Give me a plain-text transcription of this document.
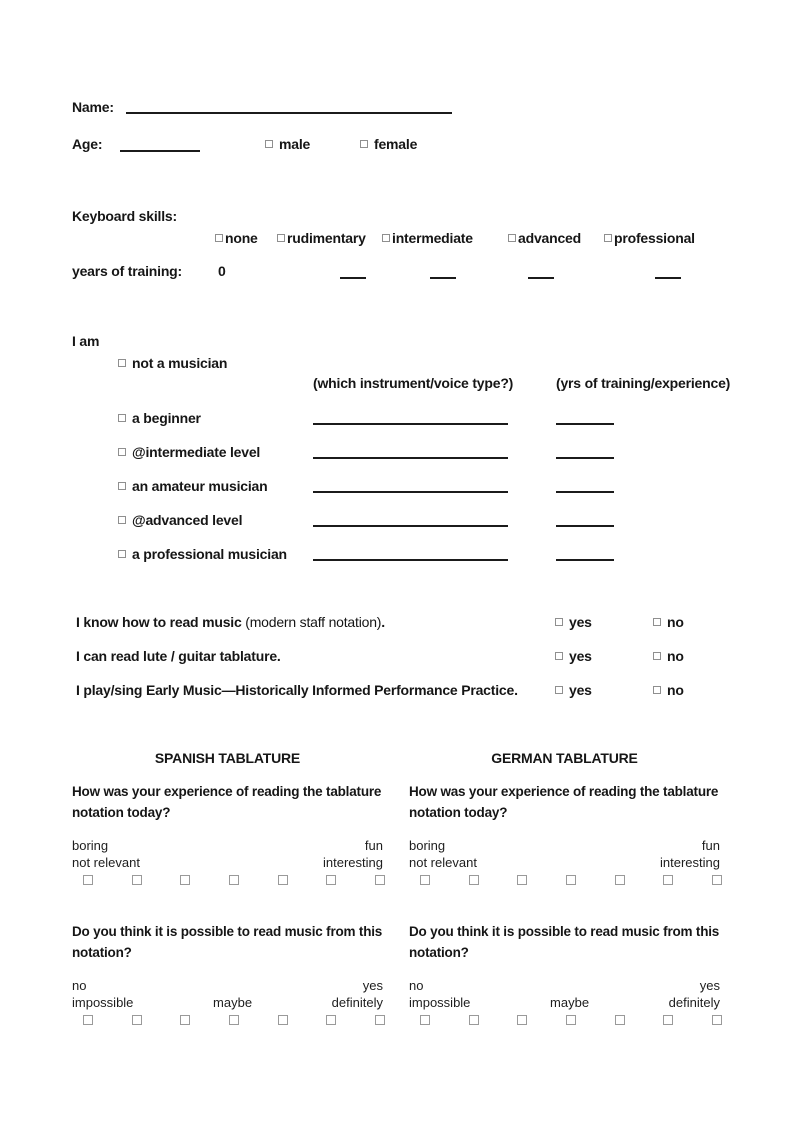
Name:
Age:	male	female
Keyboard skills:
none rudimentary intermediate	advanced professional
years of training:	0
I am
not a musician
(which instrument/voice type?)	(yrs of training/experience)
a beginner
@intermediate level
an amateur musician
@advanced level
a professional musician
I know how to read music (modern staff notation).	yes	no
I can read lute / guitar tablature.	yes	no
I play/sing Early Music—Historically Informed Performance Practice.	yes	no
SPANISH TABLATURE
How was your experience of reading the tablature
notation today?
boring	fun
not relevant	interesting
Do you think it is possible to read music from this
notation?
no	yes
impossible	maybe	definitely
GERMAN TABLATURE
How was your experience of reading the tablature
notation today?
boring	fun
not relevant	interesting
Do you think it is possible to read music from this
notation?
no	yes
impossible	maybe	definitely
